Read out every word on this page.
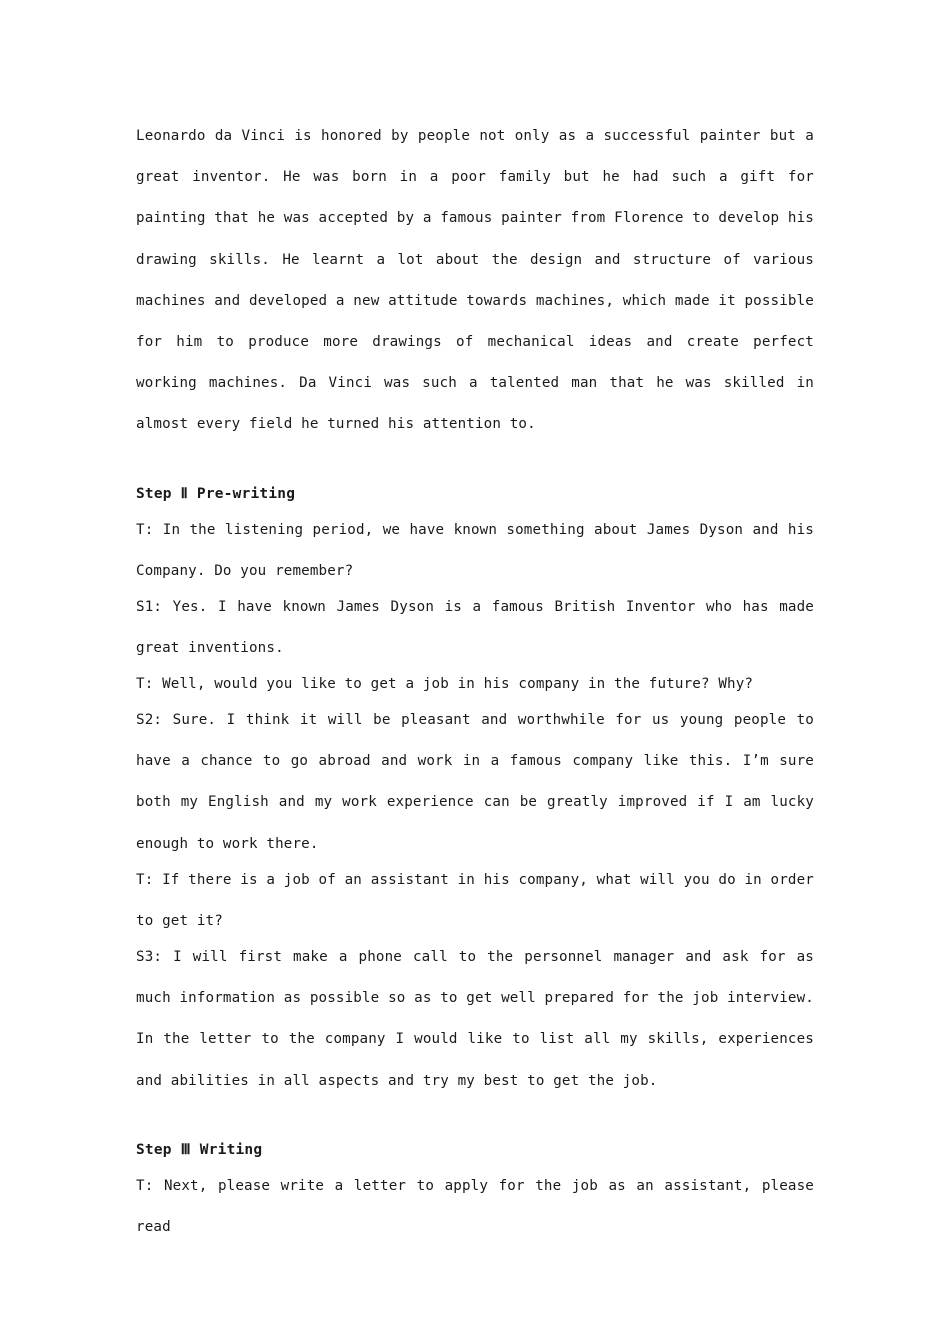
Leonardo da Vinci is honored by people not only as a successful painter but a great inventor. He was born in a poor family but he had such a gift for painting that he was accepted by a famous painter from Florence to develop his drawing skills. He learnt a lot about the design and structure of various machines and developed a new attitude towards machines, which made it possible for him to produce more drawings of mechanical ideas and create perfect working machines. Da Vinci was such a talented man that he was skilled in almost every field he turned his attention to.

Step Ⅱ Pre-writing

T: In the listening period, we have known something about James Dyson and his Company. Do you remember?

S1: Yes. I have known James Dyson is a famous British Inventor who has made great inventions.

T: Well, would you like to get a job in his company in the future? Why?

S2: Sure. I think it will be pleasant and worthwhile for us young people to have a chance to go abroad and work in a famous company like this. I’m sure both my English and my work experience can be greatly improved if I am lucky enough to work there.

T: If there is a job of an assistant in his company, what will you do in order to get it?

S3: I will first make a phone call to the personnel manager and ask for as much information as possible so as to get well prepared for the job interview. In the letter to the company I would like to list all my skills, experiences and abilities in all aspects and try my best to get the job.

Step Ⅲ Writing

T: Next, please write a letter to apply for the job as an assistant, please read
